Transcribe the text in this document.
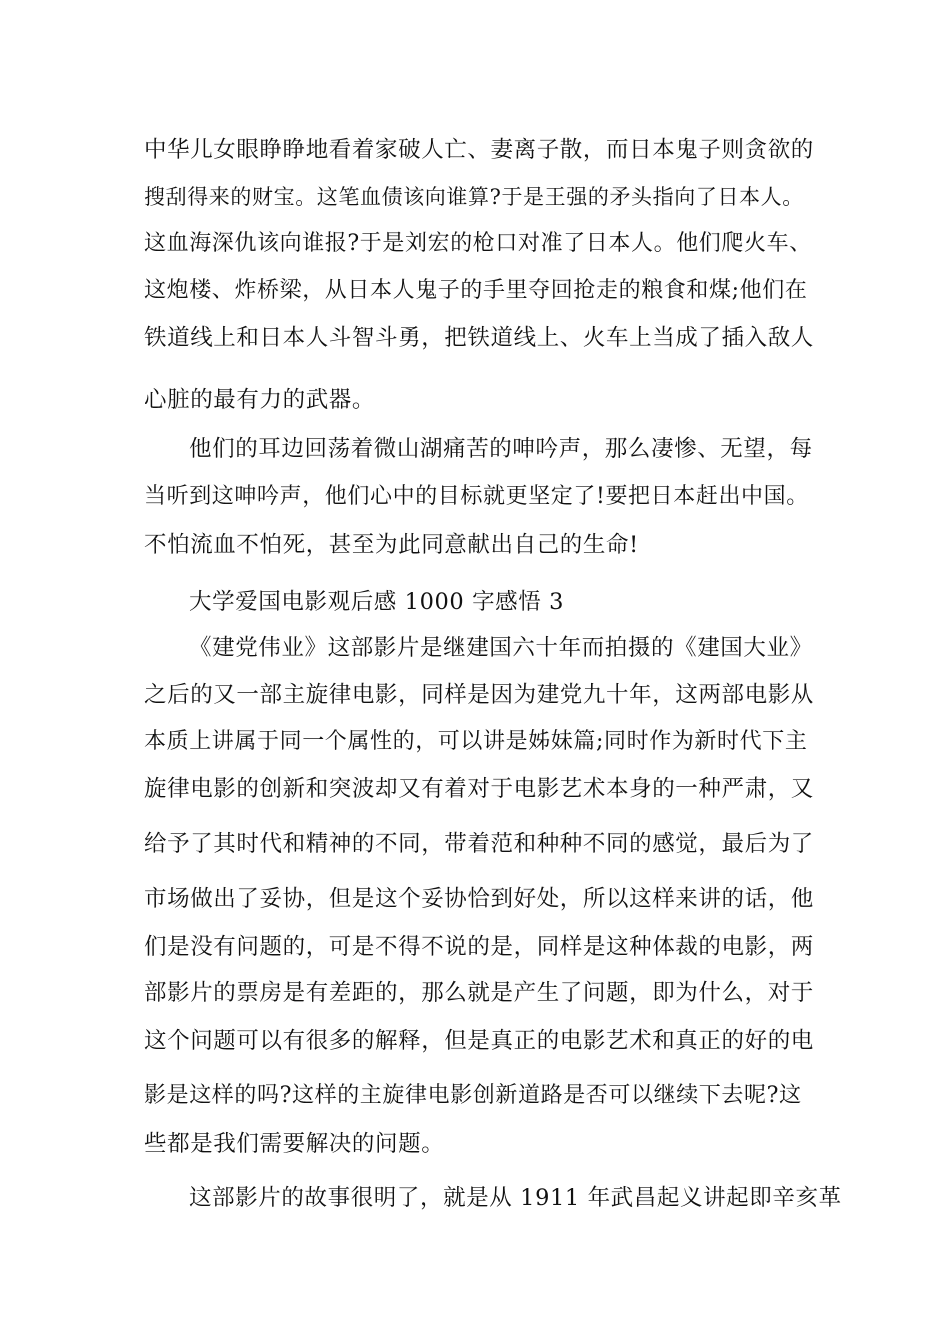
中华儿女眼睁睁地看着家破人亡、妻离子散，而日本鬼子则贪欲的
搜刮得来的财宝。这笔血债该向谁算?于是王强的矛头指向了日本人。
这血海深仇该向谁报?于是刘宏的枪口对准了日本人。他们爬火车、
这炮楼、炸桥梁，从日本人鬼子的手里夺回抢走的粮食和煤;他们在
铁道线上和日本人斗智斗勇，把铁道线上、火车上当成了插入敌人
心脏的最有力的武器。
他们的耳边回荡着微山湖痛苦的呻吟声，那么凄惨、无望，每
当听到这呻吟声，他们心中的目标就更坚定了!要把日本赶出中国。
不怕流血不怕死，甚至为此同意献出自己的生命!
大学爱国电影观后感 1000 字感悟 3
《建党伟业》这部影片是继建国六十年而拍摄的《建国大业》
之后的又一部主旋律电影，同样是因为建党九十年，这两部电影从
本质上讲属于同一个属性的，可以讲是姊妹篇;同时作为新时代下主
旋律电影的创新和突波却又有着对于电影艺术本身的一种严肃，又
给予了其时代和精神的不同，带着范和种种不同的感觉，最后为了
市场做出了妥协，但是这个妥协恰到好处，所以这样来讲的话，他
们是没有问题的，可是不得不说的是，同样是这种体裁的电影，两
部影片的票房是有差距的，那么就是产生了问题，即为什么，对于
这个问题可以有很多的解释，但是真正的电影艺术和真正的好的电
影是这样的吗?这样的主旋律电影创新道路是否可以继续下去呢?这
些都是我们需要解决的问题。
这部影片的故事很明了，就是从 1911 年武昌起义讲起即辛亥革
